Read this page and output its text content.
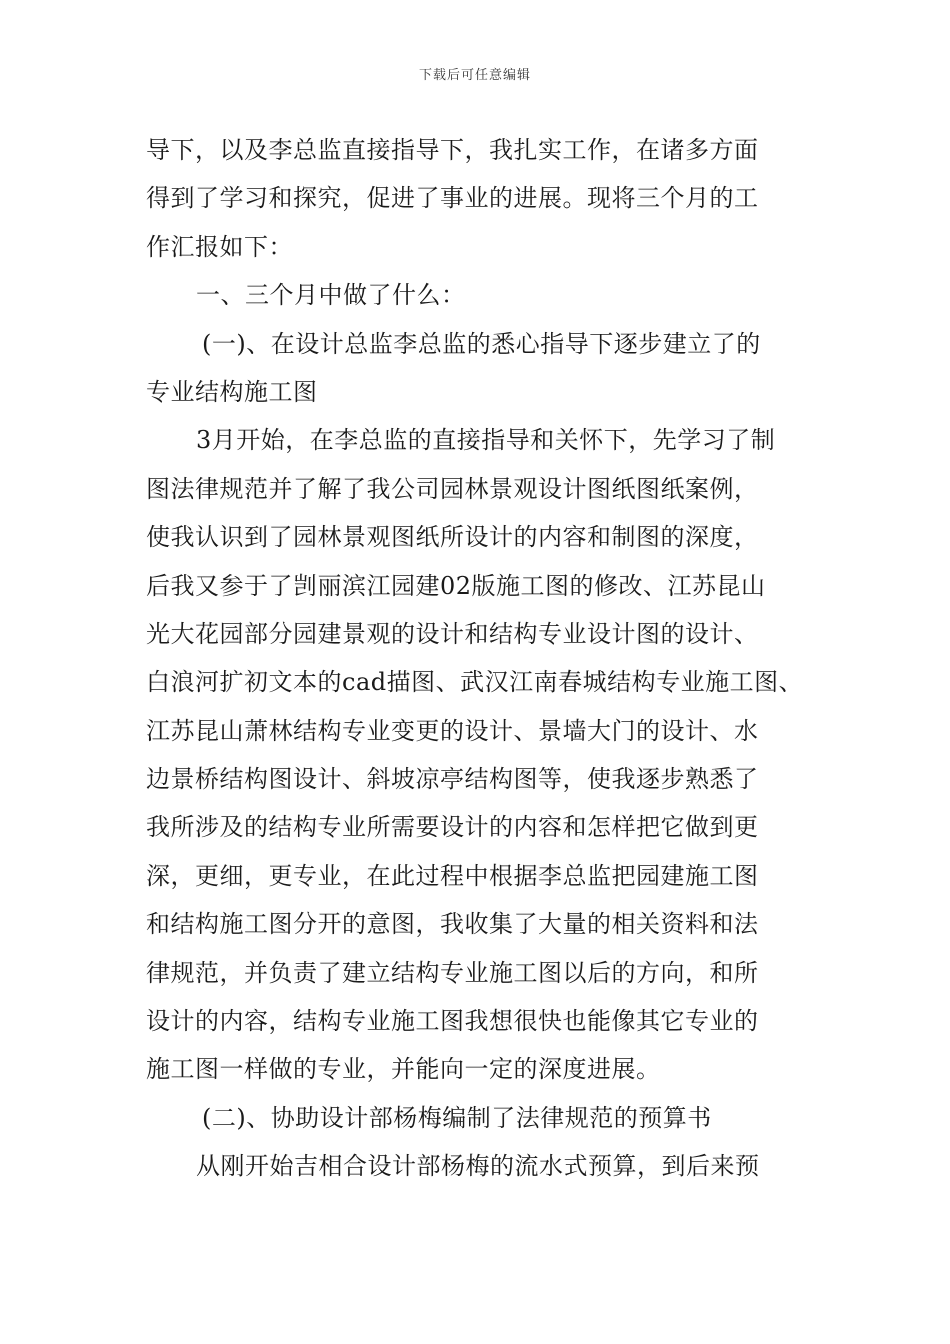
下载后可任意编辑
导下，以及李总监直接指导下，我扎实工作，在诸多方面
得到了学习和探究，促进了事业的进展。现将三个月的工
作汇报如下：
一、三个月中做了什么：
(一)、在设计总监李总监的悉心指导下逐步建立了的
专业结构施工图
3月开始，在李总监的直接指导和关怀下，先学习了制
图法律规范并了解了我公司园林景观设计图纸图纸案例，
使我认识到了园林景观图纸所设计的内容和制图的深度，
后我又参于了剀丽滨江园建02版施工图的修改、江苏昆山
光大花园部分园建景观的设计和结构专业设计图的设计、
白浪河扩初文本的cad描图、武汉江南春城结构专业施工图、
江苏昆山萧林结构专业变更的设计、景墙大门的设计、水
边景桥结构图设计、斜坡凉亭结构图等，使我逐步熟悉了
我所涉及的结构专业所需要设计的内容和怎样把它做到更
深，更细，更专业，在此过程中根据李总监把园建施工图
和结构施工图分开的意图，我收集了大量的相关资料和法
律规范，并负责了建立结构专业施工图以后的方向，和所
设计的内容，结构专业施工图我想很快也能像其它专业的
施工图一样做的专业，并能向一定的深度进展。
(二)、协助设计部杨梅编制了法律规范的预算书
从刚开始吉相合设计部杨梅的流水式预算，到后来预
